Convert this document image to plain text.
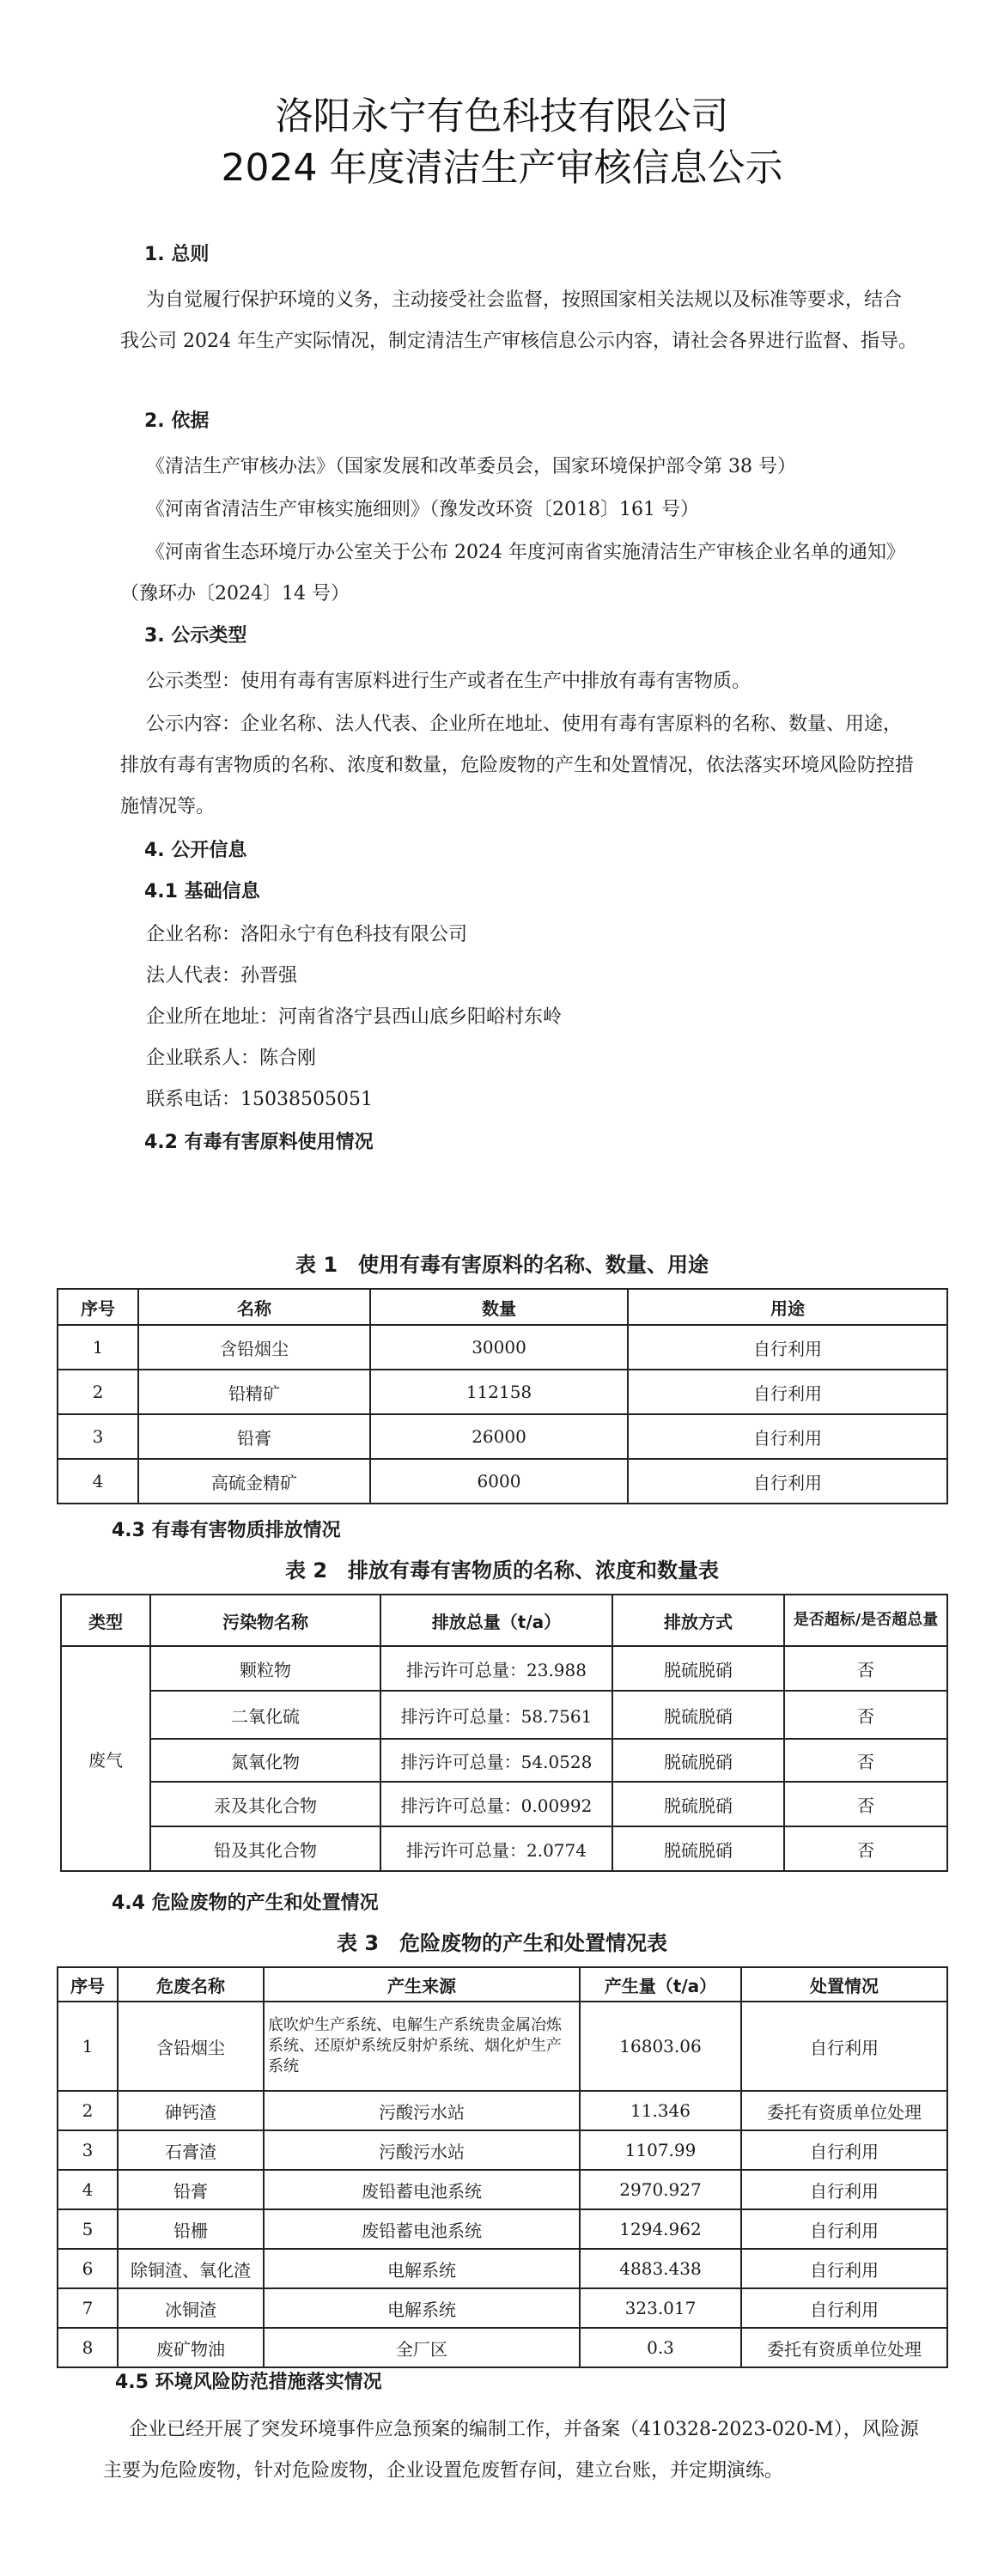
洛阳永宁有色科技有限公司
2024 年度清洁生产审核信息公示

1. 总则

为自觉履行保护环境的义务，主动接受社会监督，按照国家相关法规以及标准等要求，结合我公司 2024 年生产实际情况，制定清洁生产审核信息公示内容，请社会各界进行监督、指导。

2. 依据

《清洁生产审核办法》（国家发展和改革委员会，国家环境保护部令第 38 号）

《河南省清洁生产审核实施细则》（豫发改环资〔2018〕161 号）

《河南省生态环境厅办公室关于公布 2024 年度河南省实施清洁生产审核企业名单的通知》（豫环办〔2024〕14 号）

3. 公示类型

公示类型：使用有毒有害原料进行生产或者在生产中排放有毒有害物质。

公示内容：企业名称、法人代表、企业所在地址、使用有毒有害原料的名称、数量、用途，排放有毒有害物质的名称、浓度和数量，危险废物的产生和处置情况，依法落实环境风险防控措施情况等。

4. 公开信息

4.1 基础信息

企业名称：洛阳永宁有色科技有限公司

法人代表：孙晋强

企业所在地址：河南省洛宁县西山底乡阳峪村东岭

企业联系人：陈合刚

联系电话：15038505051

4.2 有毒有害原料使用情况

表 1　使用有毒有害原料的名称、数量、用途

序号	名称	数量	用途
1	含铅烟尘	30000	自行利用
2	铅精矿	112158	自行利用
3	铅膏	26000	自行利用
4	高硫金精矿	6000	自行利用

4.3 有毒有害物质排放情况

表 2　排放有毒有害物质的名称、浓度和数量表

类型	污染物名称	排放总量（t/a）	排放方式	是否超标/是否超总量
废气	颗粒物	排污许可总量：23.988	脱硫脱硝	否
	二氧化硫	排污许可总量：58.7561	脱硫脱硝	否
	氮氧化物	排污许可总量：54.0528	脱硫脱硝	否
	汞及其化合物	排污许可总量：0.00992	脱硫脱硝	否
	铅及其化合物	排污许可总量：2.0774	脱硫脱硝	否

4.4 危险废物的产生和处置情况

表 3　危险废物的产生和处置情况表

序号	危废名称	产生来源	产生量（t/a）	处置情况
1	含铅烟尘	底吹炉生产系统、电解生产系统贵金属冶炼系统、还原炉系统反射炉系统、烟化炉生产系统	16803.06	自行利用
2	砷钙渣	污酸污水站	11.346	委托有资质单位处理
3	石膏渣	污酸污水站	1107.99	自行利用
4	铅膏	废铅蓄电池系统	2970.927	自行利用
5	铅栅	废铅蓄电池系统	1294.962	自行利用
6	除铜渣、氧化渣	电解系统	4883.438	自行利用
7	冰铜渣	电解系统	323.017	自行利用
8	废矿物油	全厂区	0.3	委托有资质单位处理

4.5 环境风险防范措施落实情况

企业已经开展了突发环境事件应急预案的编制工作，并备案（410328-2023-020-M），风险源主要为危险废物，针对危险废物，企业设置危废暂存间，建立台账，并定期演练。
